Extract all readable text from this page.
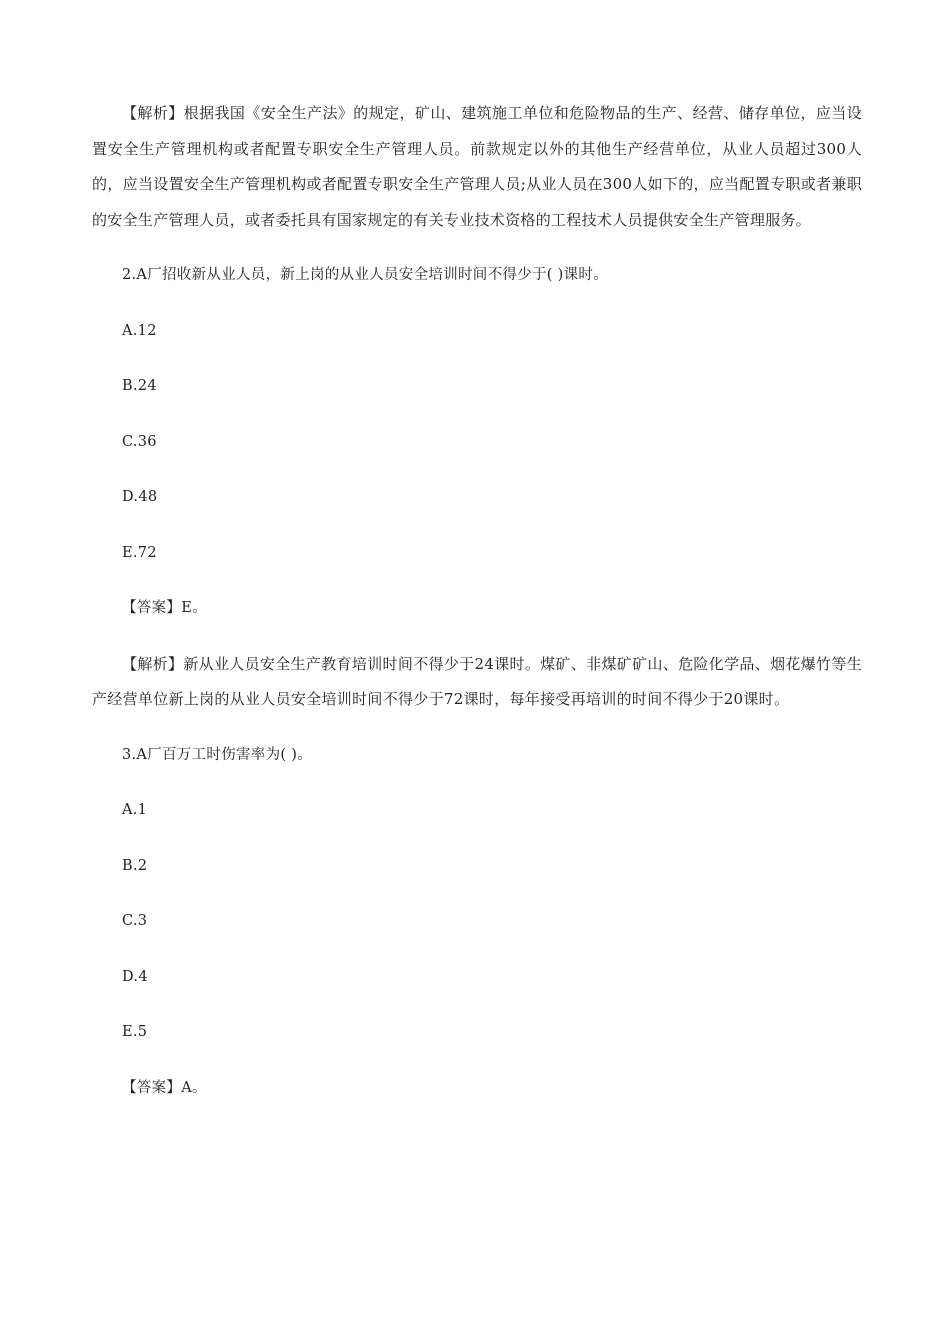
【解析】根据我国《安全生产法》的规定，矿山、建筑施工单位和危险物品的生产、经营、储存单位，应当设置安全生产管理机构或者配置专职安全生产管理人员。前款规定以外的其他生产经营单位，从业人员超过300人的，应当设置安全生产管理机构或者配置专职安全生产管理人员;从业人员在300人如下的，应当配置专职或者兼职的安全生产管理人员，或者委托具有国家规定的有关专业技术资格的工程技术人员提供安全生产管理服务。

2.A厂招收新从业人员，新上岗的从业人员安全培训时间不得少于( )课时。

A.12

B.24

C.36

D.48

E.72

【答案】E。

【解析】新从业人员安全生产教育培训时间不得少于24课时。煤矿、非煤矿矿山、危险化学品、烟花爆竹等生产经营单位新上岗的从业人员安全培训时间不得少于72课时，每年接受再培训的时间不得少于20课时。

3.A厂百万工时伤害率为( )。

A.1

B.2

C.3

D.4

E.5

【答案】A。
